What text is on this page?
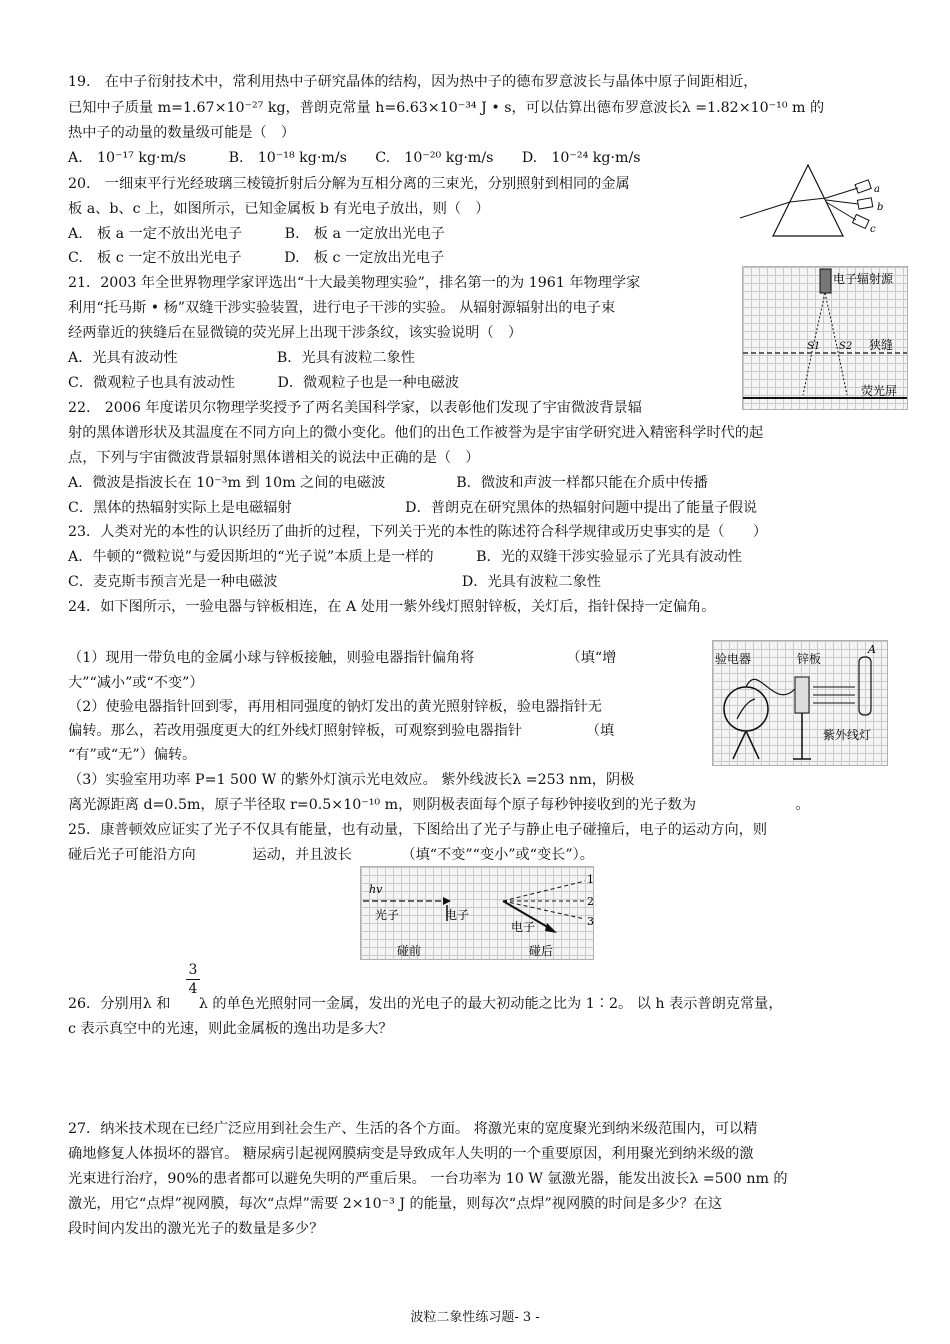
19.　在中子衍射技术中，常利用热中子研究晶体的结构，因为热中子的德布罗意波长与晶体中原子间距相近，
已知中子质量 m=1.67×10⁻²⁷ kg，普朗克常量 h=6.63×10⁻³⁴ J • s，可以估算出德布罗意波长λ =1.82×10⁻¹⁰ m 的
热中子的动量的数量级可能是（　）
A.　10⁻¹⁷ kg·m/s　　　B.　10⁻¹⁸ kg·m/s　　C.　10⁻²⁰ kg·m/s　　D.　10⁻²⁴ kg·m/s
20.　一细束平行光经玻璃三棱镜折射后分解为互相分离的三束光，分别照射到相同的金属
板 a、b、c 上，如图所示，已知金属板 b 有光电子放出，则（　）
A.　板 a 一定不放出光电子　　　B.　板 a 一定放出光电子
C.　板 c 一定不放出光电子　　　D.　板 c 一定放出光电子
21．2003 年全世界物理学家评选出“十大最美物理实验”，排名第一的为 1961 年物理学家
利用“托马斯 • 杨”双缝干涉实验装置，进行电子干涉的实验。 从辐射源辐射出的电子束
经两靠近的狭缝后在显微镜的荧光屏上出现干涉条纹，该实验说明（　）
A．光具有波动性　　　　　　　B．光具有波粒二象性
C．微观粒子也具有波动性　　　D．微观粒子也是一种电磁波
22.　2006 年度诺贝尔物理学奖授予了两名美国科学家，以表彰他们发现了宇宙微波背景辐
射的黑体谱形状及其温度在不同方向上的微小变化。他们的出色工作被誉为是宇宙学研究进入精密科学时代的起
点，下列与宇宙微波背景辐射黑体谱相关的说法中正确的是（　）
A．微波是指波长在 10⁻³m 到 10m 之间的电磁波　　　　　B．微波和声波一样都只能在介质中传播
C．黑体的热辐射实际上是电磁辐射　　　　　　　　D．普朗克在研究黑体的热辐射问题中提出了能量子假说
23．人类对光的本性的认识经历了曲折的过程，下列关于光的本性的陈述符合科学规律或历史事实的是（　　）
A．牛顿的“微粒说”与爱因斯坦的“光子说”本质上是一样的　　　B．光的双缝干涉实验显示了光具有波动性
C．麦克斯韦预言光是一种电磁波　　　　　　　　　　　　　D．光具有波粒二象性
24．如下图所示，一验电器与锌板相连，在 A 处用一紫外线灯照射锌板，关灯后，指针保持一定偏角。
（1）现用一带负电的金属小球与锌板接触，则验电器指针偏角将　　　　　　　（填“增
大”“减小”或“不变”）
（2）使验电器指针回到零，再用相同强度的钠灯发出的黄光照射锌板，验电器指针无
偏转。那么，若改用强度更大的红外线灯照射锌板，可观察到验电器指针　　　　　（填
“有”或“无”）偏转。
（3）实验室用功率 P=1 500 W 的紫外灯演示光电效应。 紫外线波长λ =253 nm，阴极
离光源距离 d=0.5m，原子半径取 r=0.5×10⁻¹⁰ m，则阴极表面每个原子每秒钟接收到的光子数为　　　　　　　。
25．康普顿效应证实了光子不仅具有能量，也有动量，下图给出了光子与静止电子碰撞后，电子的运动方向，则
碰后光子可能沿方向　　　　运动，并且波长　　　　（填“不变”“变小”或“变长”）。
26．分别用λ 和　　λ 的单色光照射同一金属，发出的光电子的最大初动能之比为 1∶2。 以 h 表示普朗克常量，
c 表示真空中的光速，则此金属板的逸出功是多大？
27．纳米技术现在已经广泛应用到社会生产、生活的各个方面。 将激光束的宽度聚光到纳米级范围内，可以精
确地修复人体损坏的器官。 糖尿病引起视网膜病变是导致成年人失明的一个重要原因，利用聚光到纳米级的激
光束进行治疗，90%的患者都可以避免失明的严重后果。 一台功率为 10 W 氩激光器，能发出波长λ =500 nm 的
激光，用它“点焊”视网膜，每次“点焊”需要 2×10⁻³ J 的能量，则每次“点焊”视网膜的时间是多少？在这
段时间内发出的激光光子的数量是多少？
3
4
a
b
c
电子辐射源
S1 S2 狭缝
荧光屏
验电器	锌板
A
紫外线灯
hv
光子	电子
电子
1
2
3
碰前	碰后
波粒二象性练习题- 3 -
